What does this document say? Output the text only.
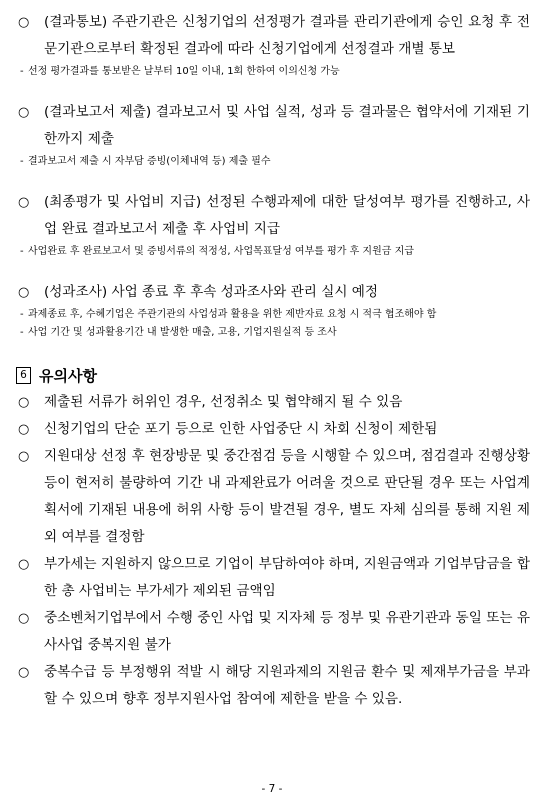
○ (결과통보) 주관기관은 신청기업의 선정평가 결과를 관리기관에게 승인 요청 후 전문기관으로부터 확정된 결과에 따라 신청기업에게 선정결과 개별 통보
- 선정 평가결과를 통보받은 날부터 10일 이내, 1회 한하여 이의신청 가능
○ (결과보고서 제출) 결과보고서 및 사업 실적, 성과 등 결과물은 협약서에 기재된 기한까지 제출
- 결과보고서 제출 시 자부담 증빙(이체내역 등) 제출 필수
○ (최종평가 및 사업비 지급) 선정된 수행과제에 대한 달성여부 평가를 진행하고, 사업 완료 결과보고서 제출 후 사업비 지급
- 사업완료 후 완료보고서 및 증빙서류의 적정성, 사업목표달성 여부를 평가 후 지원금 지급
○ (성과조사) 사업 종료 후 후속 성과조사와 관리 실시 예정
- 과제종료 후, 수혜기업은 주관기관의 사업성과 활용을 위한 제반자료 요청 시 적극 협조해야 함
- 사업 기간 및 성과활용기간 내 발생한 매출, 고용, 기업지원실적 등 조사
6 유의사항
○ 제출된 서류가 허위인 경우, 선정취소 및 협약해지 될 수 있음
○ 신청기업의 단순 포기 등으로 인한 사업중단 시 차회 신청이 제한됨
○ 지원대상 선정 후 현장방문 및 중간점검 등을 시행할 수 있으며, 점검결과 진행상황 등이 현저히 불량하여 기간 내 과제완료가 어려울 것으로 판단될 경우 또는 사업계획서에 기재된 내용에 허위 사항 등이 발견될 경우, 별도 자체 심의를 통해 지원 제외 여부를 결정함
○ 부가세는 지원하지 않으므로 기업이 부담하여야 하며, 지원금액과 기업부담금을 합한 총 사업비는 부가세가 제외된 금액임
○ 중소벤처기업부에서 수행 중인 사업 및 지자체 등 정부 및 유관기관과 동일 또는 유사사업 중복지원 불가
○ 중복수급 등 부정행위 적발 시 해당 지원과제의 지원금 환수 및 제재부가금을 부과할 수 있으며 향후 정부지원사업 참여에 제한을 받을 수 있음.
- 7 -
